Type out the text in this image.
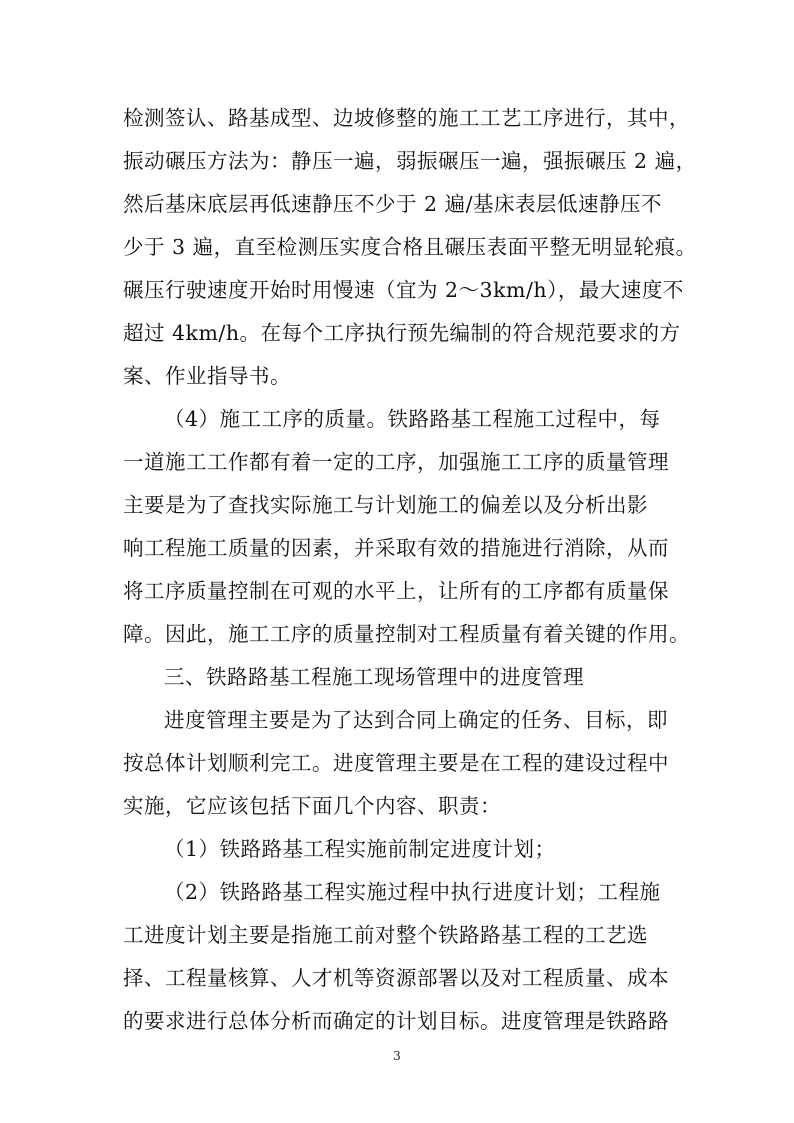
检测签认、路基成型、边坡修整的施工工艺工序进行，其中，
振动碾压方法为：静压一遍，弱振碾压一遍，强振碾压 2 遍，
然后基床底层再低速静压不少于 2 遍/基床表层低速静压不
少于 3 遍，直至检测压实度合格且碾压表面平整无明显轮痕。
碾压行驶速度开始时用慢速（宜为 2～3km/h），最大速度不
超过 4km/h。在每个工序执行预先编制的符合规范要求的方
案、作业指导书。
（4）施工工序的质量。铁路路基工程施工过程中，每
一道施工工作都有着一定的工序，加强施工工序的质量管理
主要是为了查找实际施工与计划施工的偏差以及分析出影
响工程施工质量的因素，并采取有效的措施进行消除，从而
将工序质量控制在可观的水平上，让所有的工序都有质量保
障。因此，施工工序的质量控制对工程质量有着关键的作用。
三、铁路路基工程施工现场管理中的进度管理
进度管理主要是为了达到合同上确定的任务、目标，即
按总体计划顺利完工。进度管理主要是在工程的建设过程中
实施，它应该包括下面几个内容、职责：
（1）铁路路基工程实施前制定进度计划；
（2）铁路路基工程实施过程中执行进度计划；工程施
工进度计划主要是指施工前对整个铁路路基工程的工艺选
择、工程量核算、人才机等资源部署以及对工程质量、成本
的要求进行总体分析而确定的计划目标。进度管理是铁路路
3
